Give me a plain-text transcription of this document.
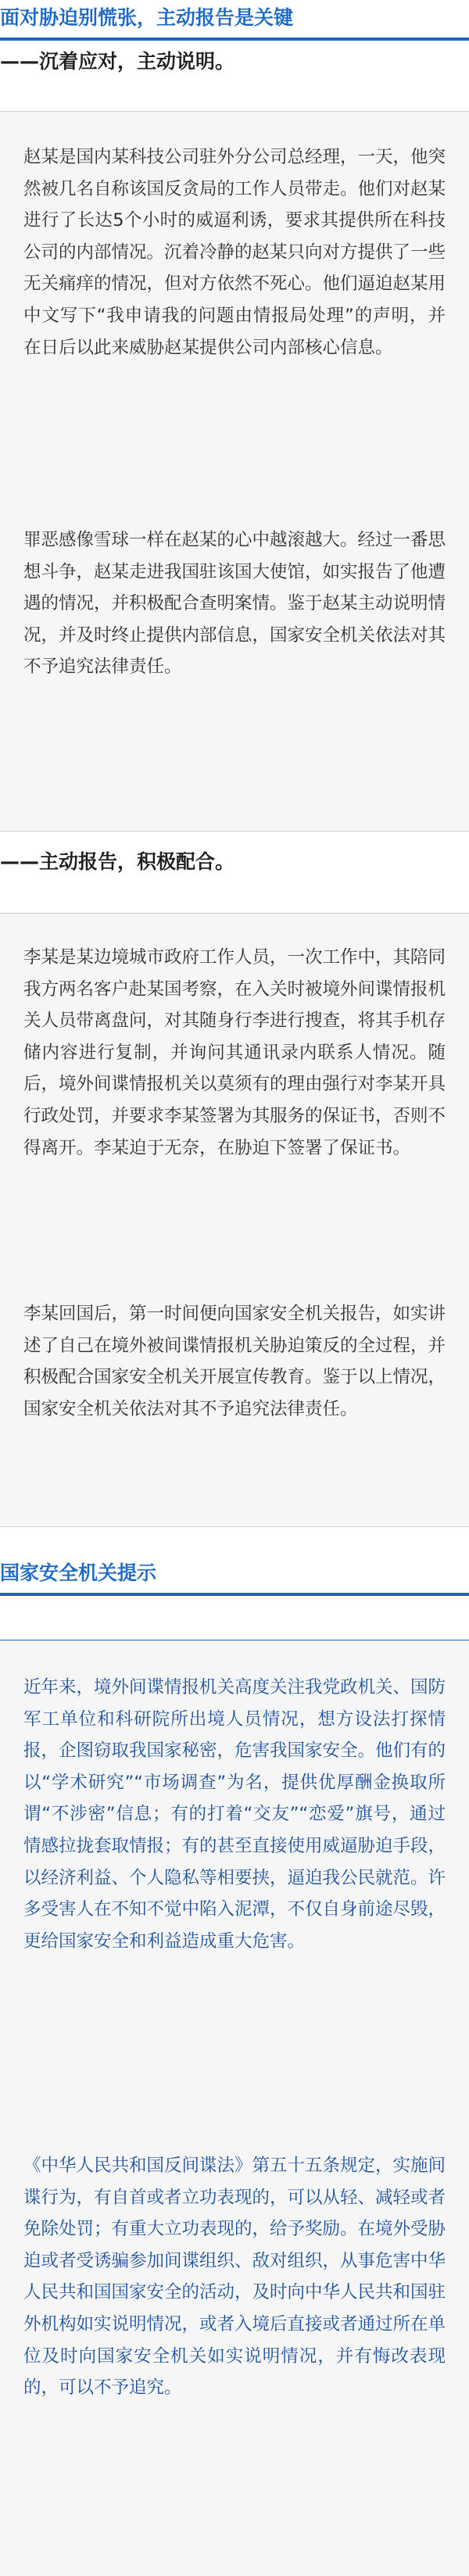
面对胁迫别慌张，主动报告是关键
——沉着应对，主动说明。
赵某是国内某科技公司驻外分公司总经理，一天，他突然被几名自称该国反贪局的工作人员带走。他们对赵某进行了长达5个小时的威逼利诱，要求其提供所在科技公司的内部情况。沉着冷静的赵某只向对方提供了一些无关痛痒的情况，但对方依然不死心。他们逼迫赵某用中文写下“我申请我的问题由情报局处理”的声明，并在日后以此来威胁赵某提供公司内部核心信息。
罪恶感像雪球一样在赵某的心中越滚越大。经过一番思想斗争，赵某走进我国驻该国大使馆，如实报告了他遭遇的情况，并积极配合查明案情。鉴于赵某主动说明情况，并及时终止提供内部信息，国家安全机关依法对其不予追究法律责任。
——主动报告，积极配合。
李某是某边境城市政府工作人员，一次工作中，其陪同我方两名客户赴某国考察，在入关时被境外间谍情报机关人员带离盘问，对其随身行李进行搜查，将其手机存储内容进行复制，并询问其通讯录内联系人情况。随后，境外间谍情报机关以莫须有的理由强行对李某开具行政处罚，并要求李某签署为其服务的保证书，否则不得离开。李某迫于无奈，在胁迫下签署了保证书。
李某回国后，第一时间便向国家安全机关报告，如实讲述了自己在境外被间谍情报机关胁迫策反的全过程，并积极配合国家安全机关开展宣传教育。鉴于以上情况，国家安全机关依法对其不予追究法律责任。
国家安全机关提示
近年来，境外间谍情报机关高度关注我党政机关、国防军工单位和科研院所出境人员情况，想方设法打探情报，企图窃取我国家秘密，危害我国家安全。他们有的以“学术研究”“市场调查”为名，提供优厚酬金换取所谓“不涉密”信息；有的打着“交友”“恋爱”旗号，通过情感拉拢套取情报；有的甚至直接使用威逼胁迫手段，以经济利益、个人隐私等相要挟，逼迫我公民就范。许多受害人在不知不觉中陷入泥潭，不仅自身前途尽毁，更给国家安全和利益造成重大危害。
《中华人民共和国反间谍法》第五十五条规定，实施间谍行为，有自首或者立功表现的，可以从轻、减轻或者免除处罚；有重大立功表现的，给予奖励。在境外受胁迫或者受诱骗参加间谍组织、敌对组织，从事危害中华人民共和国国家安全的活动，及时向中华人民共和国驻外机构如实说明情况，或者入境后直接或者通过所在单位及时向国家安全机关如实说明情况，并有悔改表现的，可以不予追究。
